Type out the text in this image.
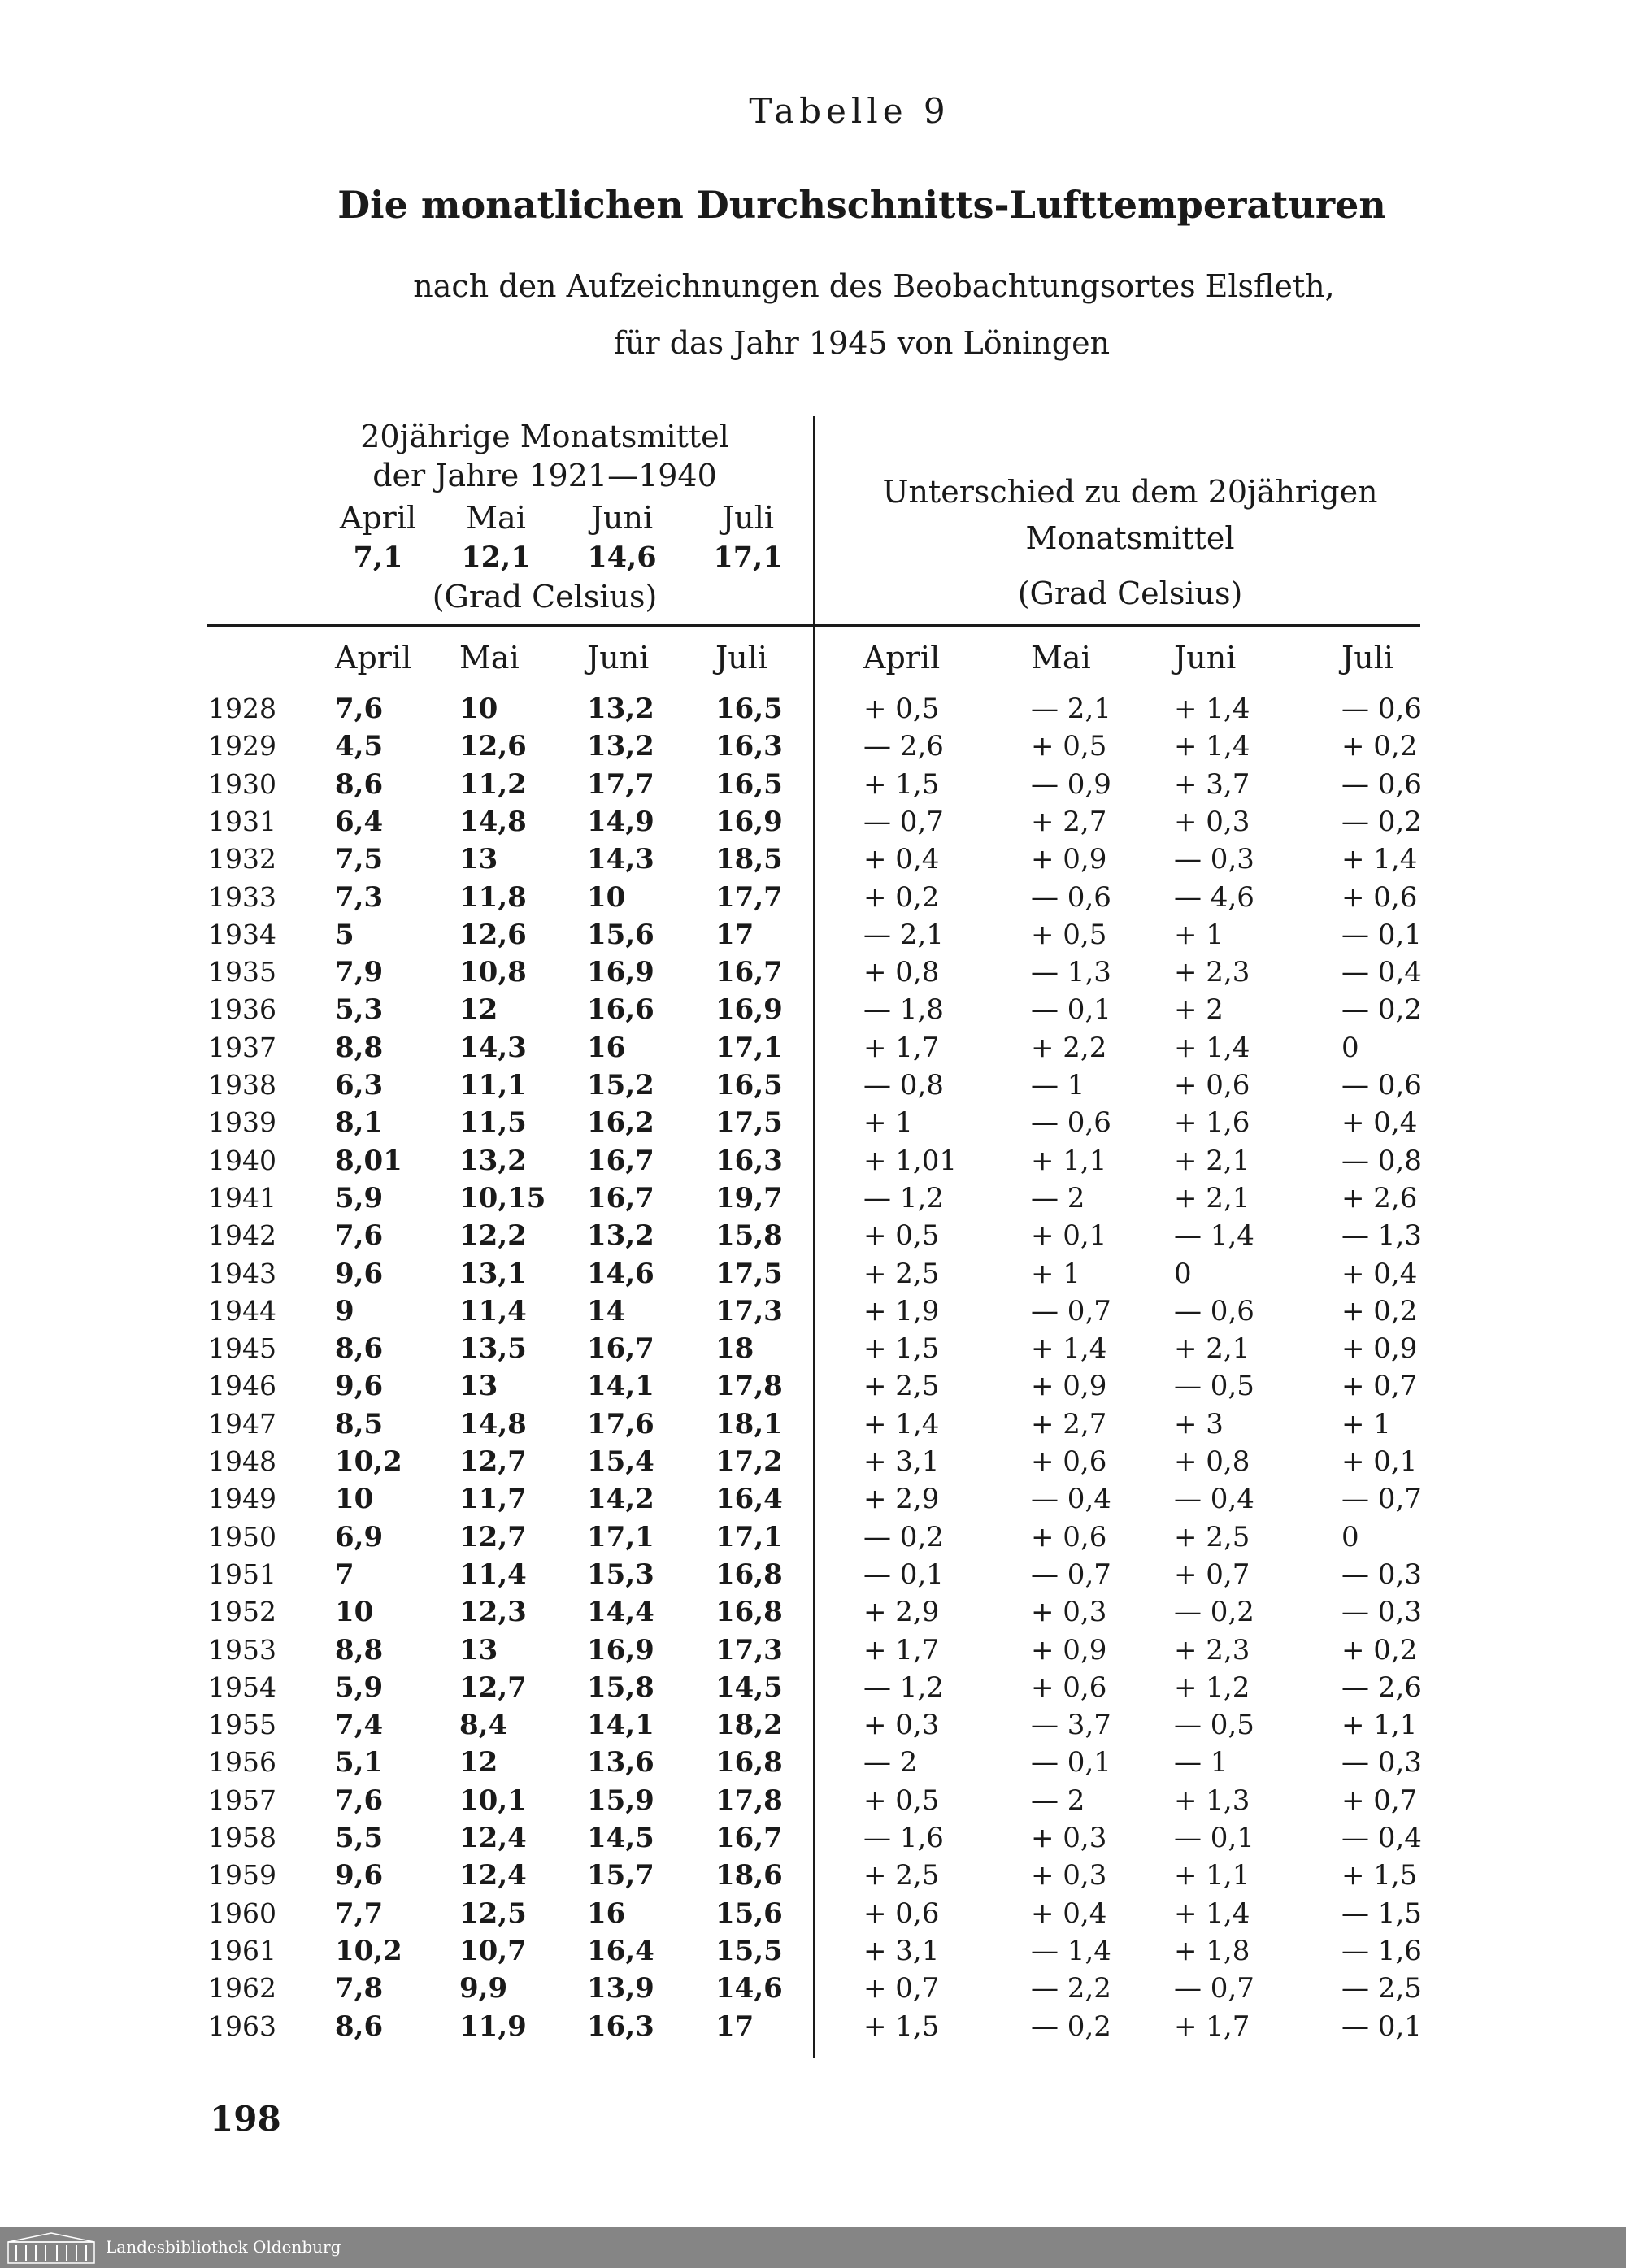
Tabelle 9
Die monatlichen Durchschnitts-Lufttemperaturen
nach den Aufzeichnungen des Beobachtungsortes Elsfleth,
für das Jahr 1945 von Löningen
20jährige Monatsmittel
der Jahre 1921—1940
April	Mai	Juni	Juli
7,1	12,1	14,6	17,1
(Grad Celsius)
Unterschied zu dem 20jährigen
Monatsmittel
(Grad Celsius)
April Mai Juni Juli	April	Mai	Juni	Juli
1928 7,6	10	13,2 16,5	+ 0,5	— 2,1 + 1,4	— 0,6
1929 4,5	12,6 13,2 16,3	— 2,6	+ 0,5 + 1,4	+ 0,2
1930 8,6	11,2 17,7 16,5	+ 1,5	— 0,9 + 3,7	— 0,6
1931 6,4	14,8 14,9 16,9	— 0,7	+ 2,7 + 0,3	— 0,2
1932 7,5	13	14,3 18,5	+ 0,4	+ 0,9 — 0,3	+ 1,4
1933 7,3	11,8 10	17,7	+ 0,2	— 0,6 — 4,6	+ 0,6
1934 5	12,6 15,6 17	— 2,1	+ 0,5 + 1	— 0,1
1935 7,9	10,8 16,9 16,7	+ 0,8	— 1,3 + 2,3	— 0,4
1936 5,3	12	16,6 16,9	— 1,8	— 0,1 + 2	— 0,2
1937 8,8	14,3 16	17,1	+ 1,7	+ 2,2 + 1,4	0
1938 6,3	11,1 15,2 16,5	— 0,8	— 1	+ 0,6	— 0,6
1939 8,1	11,5 16,2 17,5	+ 1	— 0,6 + 1,6	+ 0,4
1940 8,01 13,2 16,7 16,3	+ 1,01	+ 1,1 + 2,1	— 0,8
1941 5,9	10,15 16,7 19,7	— 1,2	— 2	+ 2,1	+ 2,6
1942 7,6	12,2 13,2 15,8	+ 0,5	+ 0,1 — 1,4	— 1,3
1943 9,6	13,1 14,6 17,5	+ 2,5	+ 1	0	+ 0,4
1944 9	11,4 14	17,3	+ 1,9	— 0,7 — 0,6	+ 0,2
1945 8,6	13,5 16,7 18	+ 1,5	+ 1,4 + 2,1	+ 0,9
1946 9,6	13	14,1 17,8	+ 2,5	+ 0,9 — 0,5	+ 0,7
1947 8,5	14,8 17,6 18,1	+ 1,4	+ 2,7 + 3	+ 1
1948 10,2 12,7 15,4 17,2	+ 3,1	+ 0,6 + 0,8	+ 0,1
1949 10	11,7 14,2 16,4	+ 2,9	— 0,4 — 0,4	— 0,7
1950 6,9	12,7 17,1 17,1	— 0,2	+ 0,6 + 2,5	0
1951 7	11,4 15,3 16,8	— 0,1	— 0,7 + 0,7	— 0,3
1952 10	12,3 14,4 16,8	+ 2,9	+ 0,3 — 0,2	— 0,3
1953 8,8	13	16,9 17,3	+ 1,7	+ 0,9 + 2,3	+ 0,2
1954 5,9	12,7 15,8 14,5	— 1,2	+ 0,6 + 1,2	— 2,6
1955 7,4	8,4	14,1 18,2	+ 0,3	— 3,7 — 0,5	+ 1,1
1956 5,1	12	13,6 16,8	— 2	— 0,1 — 1	— 0,3
1957 7,6	10,1 15,9 17,8	+ 0,5	— 2	+ 1,3	+ 0,7
1958 5,5	12,4 14,5 16,7	— 1,6	+ 0,3 — 0,1	— 0,4
1959 9,6	12,4 15,7 18,6	+ 2,5	+ 0,3 + 1,1	+ 1,5
1960 7,7	12,5 16	15,6	+ 0,6	+ 0,4 + 1,4	— 1,5
1961 10,2 10,7 16,4 15,5	+ 3,1	— 1,4 + 1,8	— 1,6
1962 7,8	9,9	13,9 14,6	+ 0,7	— 2,2 — 0,7	— 2,5
1963 8,6	11,9 16,3 17	+ 1,5	— 0,2 + 1,7	— 0,1
198
Landesbibliothek Oldenburg
